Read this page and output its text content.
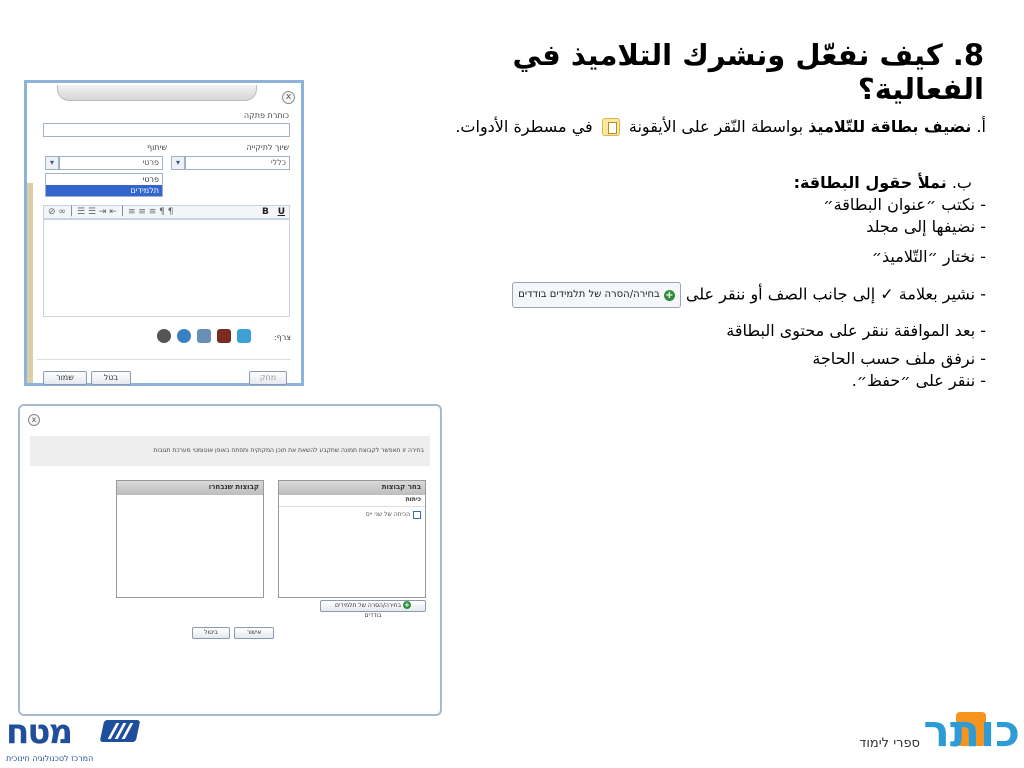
8. كيف نفعّل ونشرك التلاميذ في الفعالية؟

أ. نضيف بطاقة للتّلاميذ بواسطة النّقر على الأيقونة  في مسطرة الأدوات.

ب. نملأ حقول البطاقة:

- نكتب ״عنوان البطاقة״

- نضيفها إلى مجلد

- نختار ״التّلاميذ״

- نشير بعلامة ✓ إلى جانب الصف أو ننقر على
+
בחירה/הסרה של תלמידים בודדים

- بعد الموافقة ننقر على محتوى البطاقة

- نرفق ملف حسب الحاجة

- ننقر على ״حفظ״.

x
כותרת פתקה
שיוך לתיקייה
שיתוף
כללי
▾
פרטי
▾
פרטי
תלמידים
⊘ ∞ │ ☰ ☰ ⇥ ⇤ │ ≡ ≡ ≡ ¶ ¶	B U
צרף:
שמור	בטל	מחק
x
בחירה זו תאפשר לקבוצת תמונה שתקבע להשאת את תוכן המקוקית ותפתח באופן אוטומטי מערכת תגובות
בחר קבוצות
כיתות
הכיתה של שני ייס
קבוצות שנבחרו
+ בחירה/הסרה של תלמידים בודדים
אישור
ביטול
מטח
המרכז לטכנולוגיה חינוכית
כותר
ספרי לימוד
